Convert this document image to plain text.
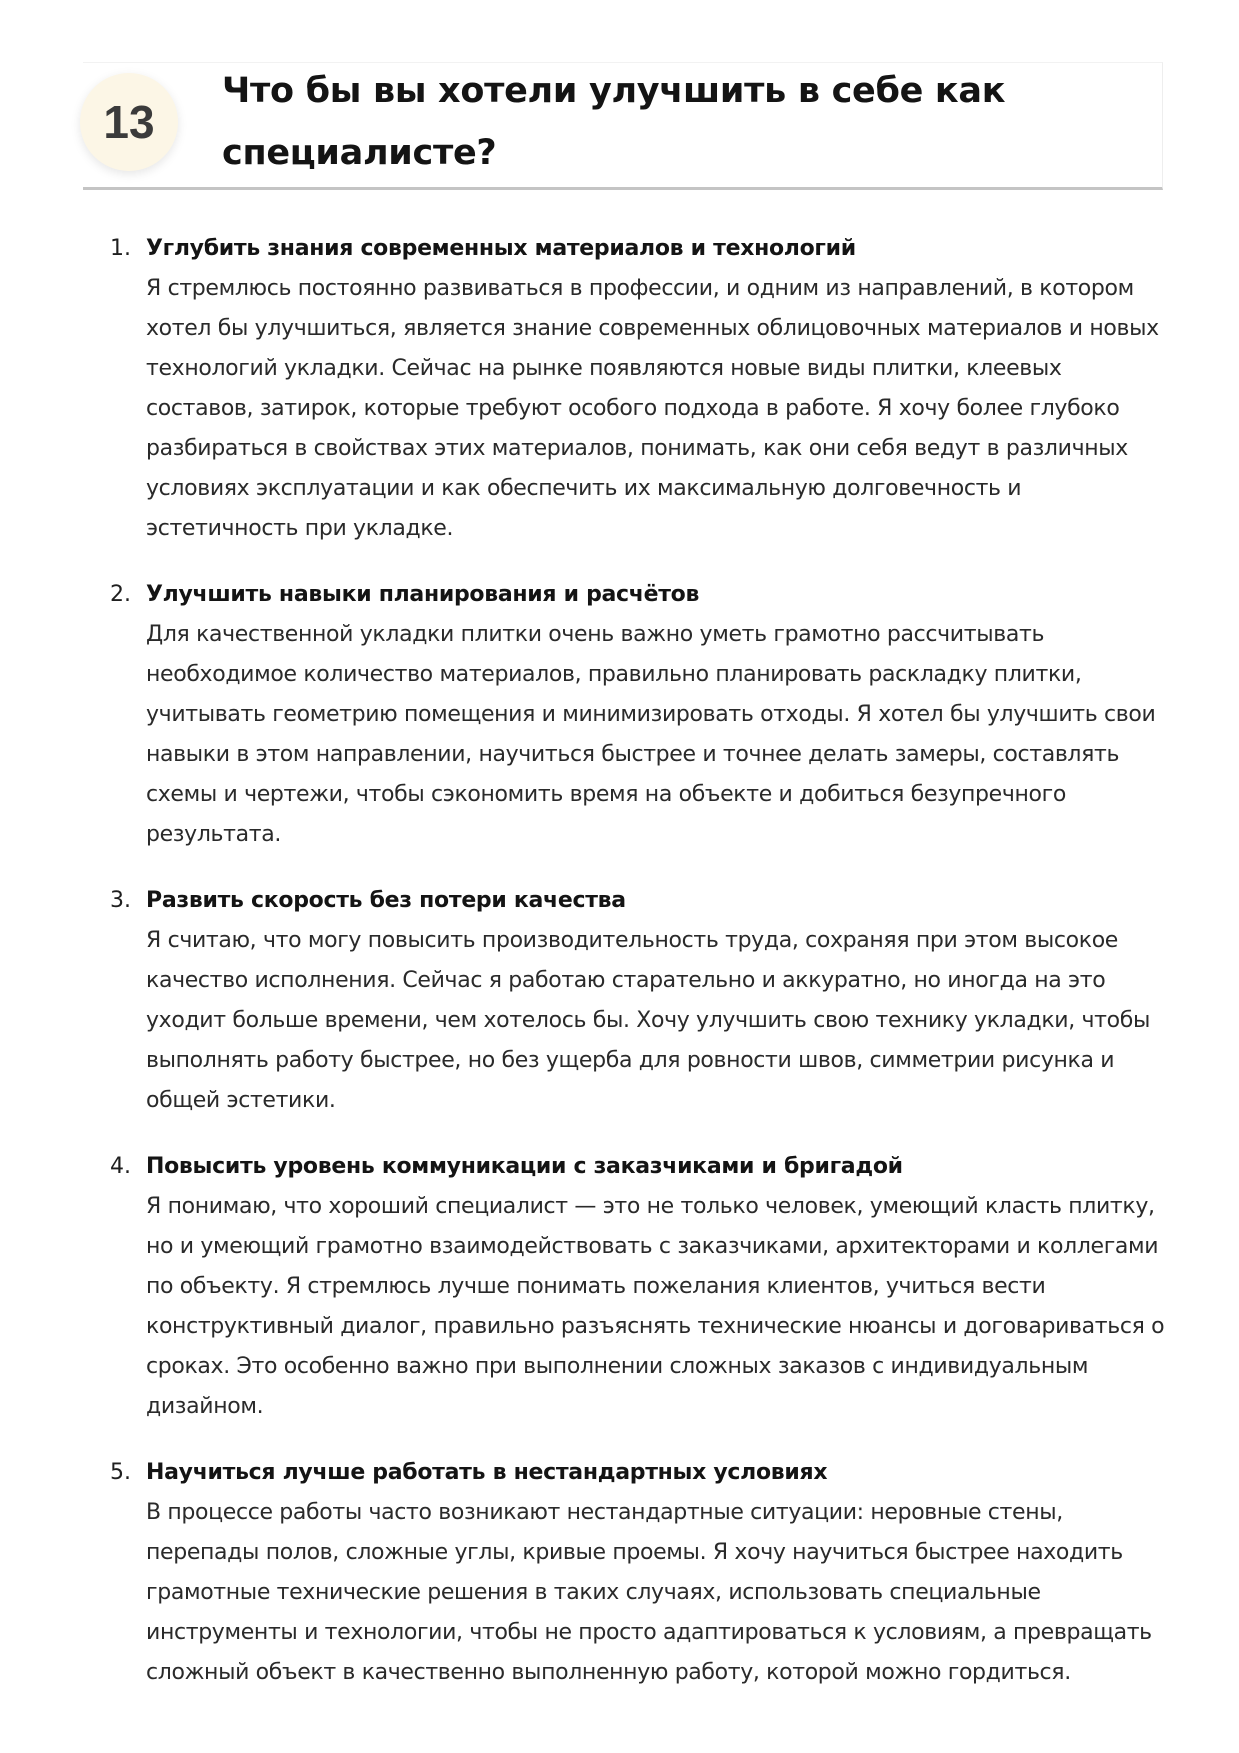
13
Что бы вы хотели улучшить в себе как специалисте?
1. Углубить знания современных материалов и технологий

Я стремлюсь постоянно развиваться в профессии, и одним из направлений, в котором хотел бы улучшиться, является знание современных облицовочных материалов и новых технологий укладки. Сейчас на рынке появляются новые виды плитки, клеевых составов, затирок, которые требуют особого подхода в работе. Я хочу более глубоко разбираться в свойствах этих материалов, понимать, как они себя ведут в различных условиях эксплуатации и как обеспечить их максимальную долговечность и эстетичность при укладке.

2. Улучшить навыки планирования и расчётов

Для качественной укладки плитки очень важно уметь грамотно рассчитывать необходимое количество материалов, правильно планировать раскладку плитки, учитывать геометрию помещения и минимизировать отходы. Я хотел бы улучшить свои навыки в этом направлении, научиться быстрее и точнее делать замеры, составлять схемы и чертежи, чтобы сэкономить время на объекте и добиться безупречного результата.

3. Развить скорость без потери качества

Я считаю, что могу повысить производительность труда, сохраняя при этом высокое качество исполнения. Сейчас я работаю старательно и аккуратно, но иногда на это уходит больше времени, чем хотелось бы. Хочу улучшить свою технику укладки, чтобы выполнять работу быстрее, но без ущерба для ровности швов, симметрии рисунка и общей эстетики.

4. Повысить уровень коммуникации с заказчиками и бригадой

Я понимаю, что хороший специалист — это не только человек, умеющий класть плитку, но и умеющий грамотно взаимодействовать с заказчиками, архитекторами и коллегами по объекту. Я стремлюсь лучше понимать пожелания клиентов, учиться вести конструктивный диалог, правильно разъяснять технические нюансы и договариваться о сроках. Это особенно важно при выполнении сложных заказов с индивидуальным дизайном.

5. Научиться лучше работать в нестандартных условиях

В процессе работы часто возникают нестандартные ситуации: неровные стены, перепады полов, сложные углы, кривые проемы. Я хочу научиться быстрее находить грамотные технические решения в таких случаях, использовать специальные инструменты и технологии, чтобы не просто адаптироваться к условиям, а превращать сложный объект в качественно выполненную работу, которой можно гордиться.
